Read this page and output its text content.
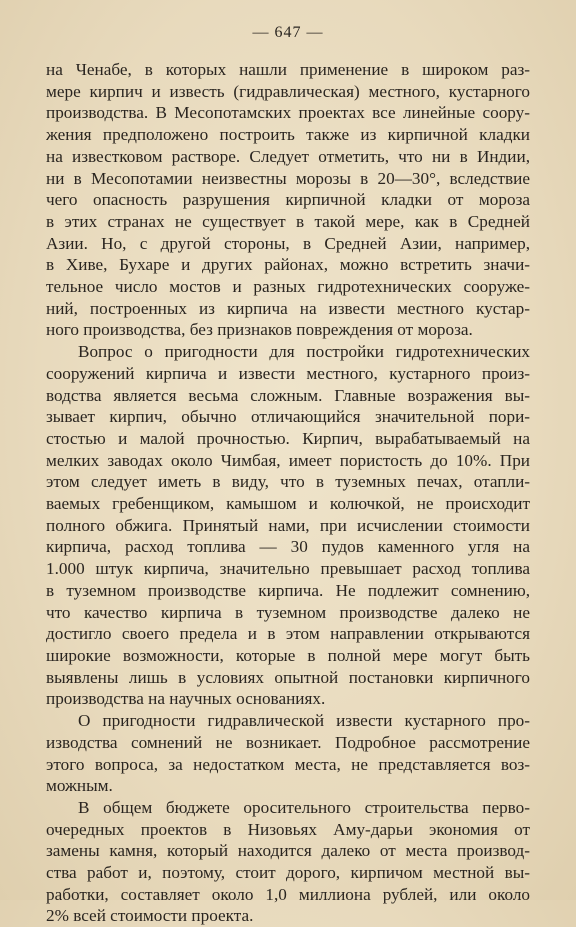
— 647 —

на Ченабе, в которых нашли применение в широком раз-
мере кирпич и известь (гидравлическая) местного, кустарного
производства. В Месопотамских проектах все линейные соору-
жения предположено построить также из кирпичной кладки
на известковом растворе. Следует отметить, что ни в Индии,
ни в Месопотамии неизвестны морозы в 20—30°, вследствие
чего опасность разрушения кирпичной кладки от мороза
в этих странах не существует в такой мере, как в Средней
Азии. Но, с другой стороны, в Средней Азии, например,
в Хиве, Бухаре и других районах, можно встретить значи-
тельное число мостов и разных гидротехнических сооруже-
ний, построенных из кирпича на извести местного кустар-
ного производства, без признаков повреждения от мороза.

Вопрос о пригодности для постройки гидротехнических
сооружений кирпича и извести местного, кустарного произ-
водства является весьма сложным. Главные возражения вы-
зывает кирпич, обычно отличающийся значительной пори-
стостью и малой прочностью. Кирпич, вырабатываемый на
мелких заводах около Чимбая, имеет пористость до 10%. При
этом следует иметь в виду, что в туземных печах, отапли-
ваемых гребенщиком, камышом и колючкой, не происходит
полного обжига. Принятый нами, при исчислении стоимости
кирпича, расход топлива — 30 пудов каменного угля на
1.000 штук кирпича, значительно превышает расход топлива
в туземном производстве кирпича. Не подлежит сомнению,
что качество кирпича в туземном производстве далеко не
достигло своего предела и в этом направлении открываются
широкие возможности, которые в полной мере могут быть
выявлены лишь в условиях опытной постановки кирпичного
производства на научных основаниях.

О пригодности гидравлической извести кустарного про-
изводства сомнений не возникает. Подробное рассмотрение
этого вопроса, за недостатком места, не представляется воз-
можным.

В общем бюджете оросительного строительства перво-
очередных проектов в Низовьях Аму-дарьи экономия от
замены камня, который находится далеко от места производ-
ства работ и, поэтому, стоит дорого, кирпичом местной вы-
работки, составляет около 1,0 миллиона рублей, или около
2% всей стоимости проекта.
